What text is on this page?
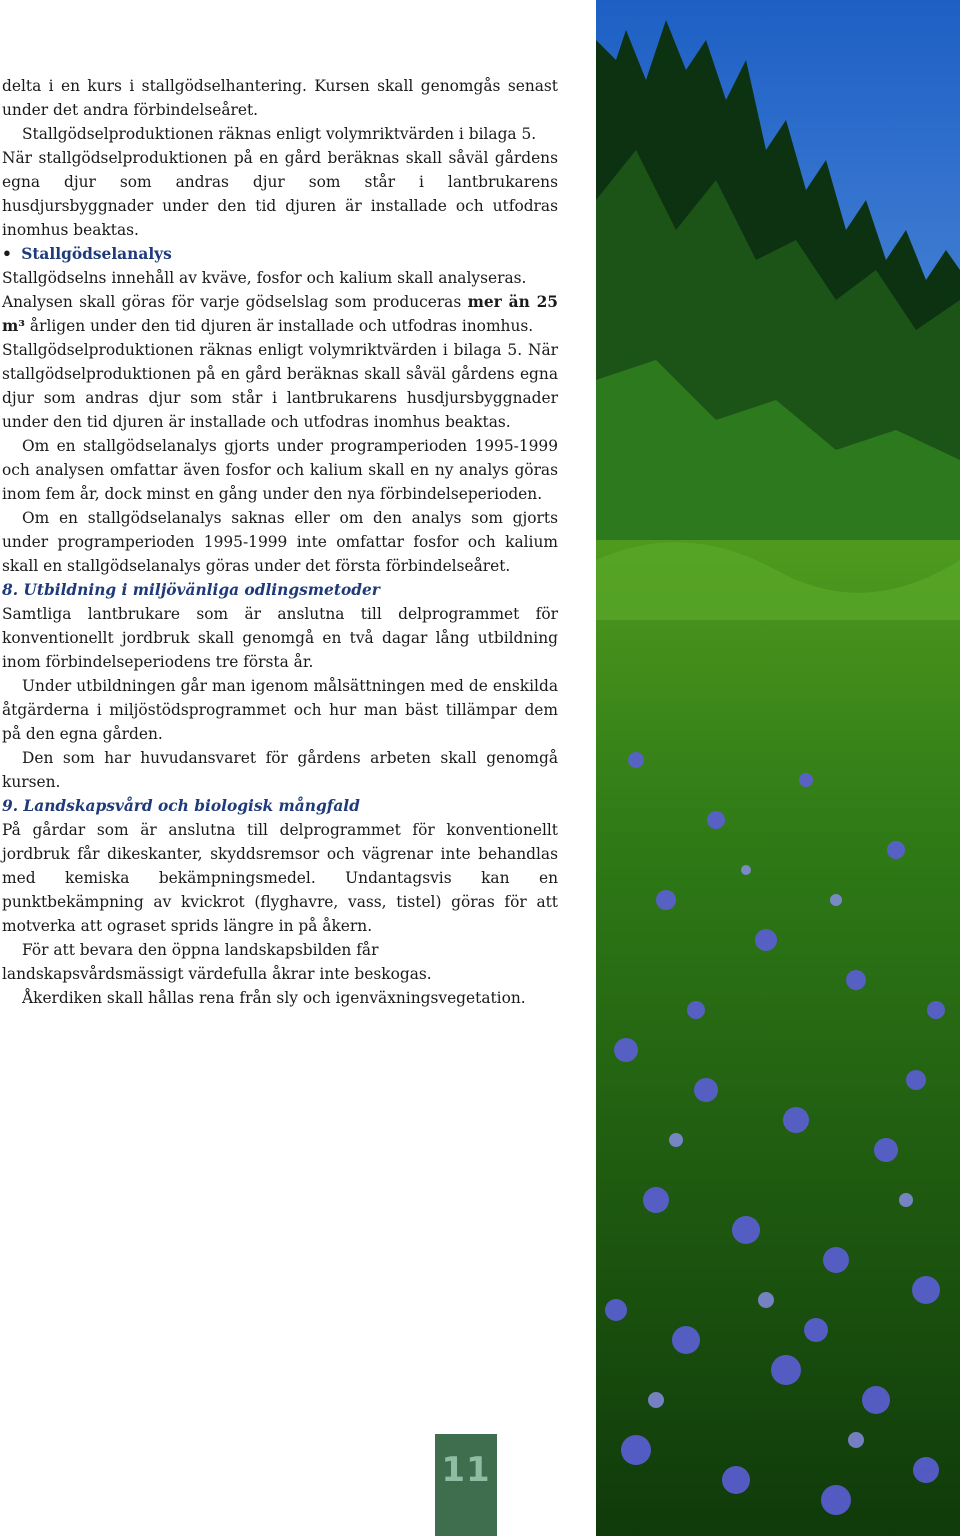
delta i en kurs i stallgödselhantering. Kursen skall genomgås senast under det andra förbindelseåret.

Stallgödselproduktionen räknas enligt volymriktvärden i bilaga 5.

När stallgödselproduktionen på en gård beräknas skall såväl gårdens egna djur som andras djur som står i lantbrukarens husdjursbyggnader under den tid djuren är installade och utfodras inomhus beaktas.

• Stallgödselanalys

Stallgödselns innehåll av kväve, fosfor och kalium skall analyseras.

Analysen skall göras för varje gödselslag som produceras mer än 25 m³ årligen under den tid djuren är installade och utfodras inomhus.

Stallgödselproduktionen räknas enligt volymriktvärden i bilaga 5. När stallgödselproduktionen på en gård beräknas skall såväl gårdens egna djur som andras djur som står i lantbrukarens husdjursbyggnader under den tid djuren är installade och utfodras inomhus beaktas.

Om en stallgödselanalys gjorts under programperioden 1995-1999 och analysen omfattar även fosfor och kalium skall en ny analys göras inom fem år, dock minst en gång under den nya förbindelseperioden.

Om en stallgödselanalys saknas eller om den analys som gjorts under programperioden 1995-1999 inte omfattar fosfor och kalium skall en stallgödselanalys göras under det första förbindelseåret.

8. Utbildning i miljövänliga odlingsmetoder

Samtliga lantbrukare som är anslutna till delprogrammet för konventionellt jordbruk skall genomgå en två dagar lång utbildning inom förbindelseperiodens tre första år.

Under utbildningen går man igenom målsättningen med de enskilda åtgärderna i miljöstödsprogrammet och hur man bäst tillämpar dem på den egna gården.

Den som har huvudansvaret för gårdens arbeten skall genomgå kursen.

9. Landskapsvård och biologisk mångfald

På gårdar som är anslutna till delprogrammet för konventionellt jordbruk får dikeskanter, skyddsremsor och vägrenar inte behandlas med kemiska bekämpningsmedel. Undantagsvis kan en punktbekämpning av kvickrot (flyghavre, vass, tistel) göras för att motverka att ograset sprids längre in på åkern.

För att bevara den öppna landskapsbilden får landskapsvårdsmässigt värdefulla åkrar inte beskogas.

Åkerdiken skall hållas rena från sly och igenväxningsvegetation.

11
